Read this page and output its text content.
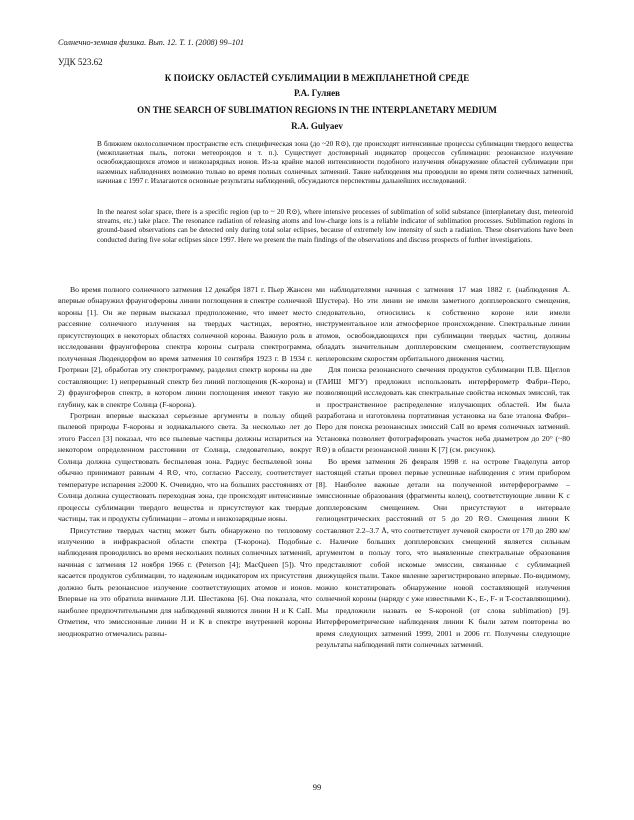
Солнечно-земная физика. Вып. 12. Т. 1. (2008) 99–101
УДК 523.62
К ПОИСКУ ОБЛАСТЕЙ СУБЛИМАЦИИ В МЕЖПЛАНЕТНОЙ СРЕДЕ
Р.А. Гуляев
ON THE SEARCH OF SUBLIMATION REGIONS IN THE INTERPLANETARY MEDIUM
R.A. Gulyaev
В ближнем околосолнечном пространстве есть специфическая зона (до ~20 R⊙), где происходят интенсивные процессы сублимации твердого вещества (межпланетная пыль, потоки метеороидов и т. п.). Существует достоверный индикатор процессов сублимации: резонансное излучение освобождающихся атомов и низкозарядных ионов. Из-за крайне малой интенсивности подобного излучения обнаружение областей сублимации при наземных наблюдениях возможно только во время полных солнечных затмений. Такие наблюдения мы проводили во время пяти солнечных затмений, начиная с 1997 г. Излагаются основные результаты наблюдений, обсуждаются перспективы дальнейших исследований.
In the nearest solar space, there is a specific region (up to ~ 20 R⊙), where intensive processes of sublimation of solid substance (interplanetary dust, meteoroid streams, etc.) take place. The resonance radiation of releasing atoms and low-charge ions is a reliable indicator of sublimation processes. Sublimation regions in ground-based observations can be detected only during total solar eclipses, because of extremely low intensity of such a radiation. These observations have been conducted during five solar eclipses since 1997. Here we present the main findings of the observations and discuss prospects of further investigations.

Во время полного солнечного затмения 12 декабря 1871 г. Пьер Жансен впервые обнаружил фраунгоферовы линии поглощения в спектре солнечной короны [1]. Он же первым высказал предположение, что имеет место рассеяние солнечного излучения на твердых частицах, вероятно, присутствующих в некоторых областях солнечной короны. Важную роль в исследовании фраунгоферова спектра короны сыграла спектрограмма, полученная Людендорфом во время затмения 10 сентября 1923 г. В 1934 г. Гротриан [2], обработав эту спектрограмму, разделил спектр короны на две составляющие: 1) непрерывный спектр без линий поглощения (K-корона) и 2) фраунгоферов спектр, в котором линии поглощения имеют такую же глубину, как в спектре Солнца (F-корона).

Гротриан впервые высказал серьезные аргументы в пользу общей пылевой природы F-короны и зодиакального света. За несколько лет до этого Рассел [3] показал, что все пылевые частицы должны испариться на некотором определенном расстоянии от Солнца, следовательно, вокруг Солнца должна существовать беспылевая зона. Радиус беспылевой зоны обычно принимают равным 4 R⊙, что, согласно Расселу, соответствует температуре испарения ≥2000 K. Очевидно, что на больших расстояниях от Солнца должна существовать переходная зона, где происходят интенсивные процессы сублимации твердого вещества и присутствуют как твердые частицы, так и продукты сублимации – атомы и низкозарядные ионы.

Присутствие твердых частиц может быть обнаружено по тепловому излучению в инфракрасной области спектра (T-корона). Подобные наблюдения проводились во время нескольких полных солнечных затмений, начиная с затмения 12 ноября 1966 г. (Peterson [4]; MacQueen [5]). Что касается продуктов сублимации, то надежным индикатором их присутствия должно быть резонансное излучение соответствующих атомов и ионов. Впервые на это обратила внимание Л.И. Шестакова [6]. Она показала, что наиболее предпочтительными для наблюдений являются линии H и K CaII. Отметим, что эмиссионные линии H и K в спектре внутренней короны неоднократно отмечались разны-

ми наблюдателями начиная с затмения 17 мая 1882 г. (наблюдения А. Шустера). Но эти линии не имели заметного допплеровского смещения, следовательно, относились к собственно короне или имели инструментальное или атмосферное происхождение. Спектральные линии атомов, освобождающихся при сублимации твердых частиц, должны обладать значительным допплеровским смещением, соответствующим кеплеровским скоростям орбитального движения частиц.

Для поиска резонансного свечения продуктов сублимации П.В. Щеглов (ГАИШ МГУ) предложил использовать интерферометр Фабри–Перо, позволяющий исследовать как спектральные свойства искомых эмиссий, так и пространственное распределение излучающих областей. Им была разработана и изготовлена портативная установка на базе эталона Фабри–Перо для поиска резонансных эмиссий CaII во время солнечных затмений. Установка позволяет фотографировать участок неба диаметром до 20° (~80 R⊙) в области резонансной линии K [7] (см. рисунок).

Во время затмения 26 февраля 1998 г. на острове Гваделупа автор настоящей статьи провел первые успешные наблюдения с этим прибором [8]. Наиболее важные детали на полученной интерферограмме – эмиссионные образования (фрагменты колец), соответствующие линии K с допплеровским смещением. Они присутствуют в интервале гелиоцентрических расстояний от 5 до 20 R⊙. Смещения линии K составляют 2.2–3.7 Å, что соответствует лучевой скорости от 170 до 280 км/с. Наличие больших допплеровских смещений является сильным аргументом в пользу того, что выявленные спектральные образования представляют собой искомые эмиссии, связанные с сублимацией движущейся пыли. Такое явление зарегистрировано впервые. По-видимому, можно констатировать обнаружение новой составляющей излучения солнечной короны (наряду с уже известными K-, E-, F- и T-составляющими). Мы предложили назвать ее S-короной (от слова sublimation) [9]. Интерферометрические наблюдения линии K были затем повторены во время следующих затмений 1999, 2001 и 2006 гг. Получены следующие результаты наблюдений пяти солнечных затмений.

99
